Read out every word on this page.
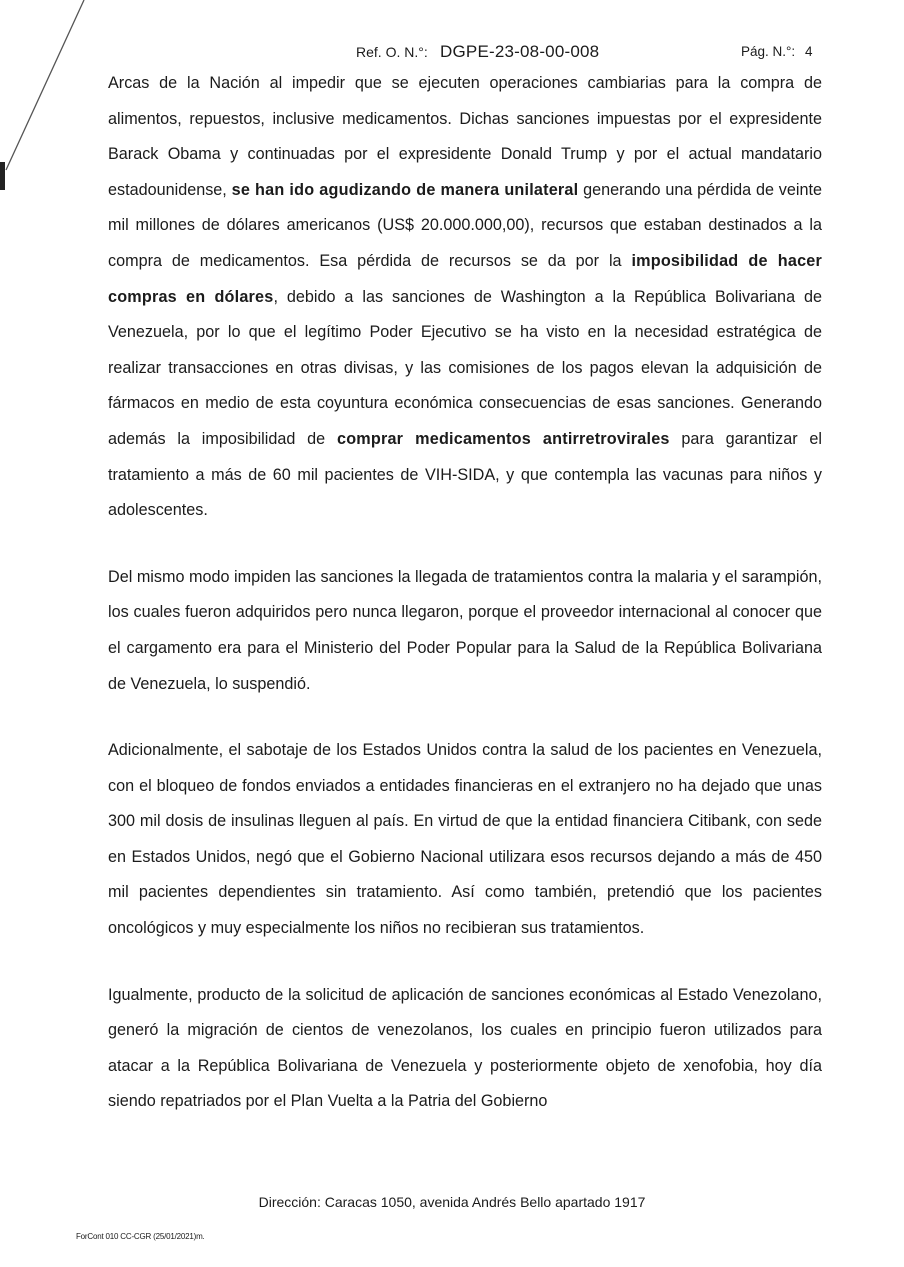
Ref. O. N.°: DGPE-23-08-00-008	Pág. N.°: 4

Arcas de la Nación al impedir que se ejecuten operaciones cambiarias para la compra de alimentos, repuestos, inclusive medicamentos. Dichas sanciones impuestas por el expresidente Barack Obama y continuadas por el expresidente Donald Trump y por el actual mandatario estadounidense, se han ido agudizando de manera unilateral generando una pérdida de veinte mil millones de dólares americanos (US$ 20.000.000,00), recursos que estaban destinados a la compra de medicamentos. Esa pérdida de recursos se da por la imposibilidad de hacer compras en dólares, debido a las sanciones de Washington a la República Bolivariana de Venezuela, por lo que el legítimo Poder Ejecutivo se ha visto en la necesidad estratégica de realizar transacciones en otras divisas, y las comisiones de los pagos elevan la adquisición de fármacos en medio de esta coyuntura económica consecuencias de esas sanciones. Generando además la imposibilidad de comprar medicamentos antirretrovirales para garantizar el tratamiento a más de 60 mil pacientes de VIH-SIDA, y que contempla las vacunas para niños y adolescentes.

Del mismo modo impiden las sanciones la llegada de tratamientos contra la malaria y el sarampión, los cuales fueron adquiridos pero nunca llegaron, porque el proveedor internacional al conocer que el cargamento era para el Ministerio del Poder Popular para la Salud de la República Bolivariana de Venezuela, lo suspendió.

Adicionalmente, el sabotaje de los Estados Unidos contra la salud de los pacientes en Venezuela, con el bloqueo de fondos enviados a entidades financieras en el extranjero no ha dejado que unas 300 mil dosis de insulinas lleguen al país. En virtud de que la entidad financiera Citibank, con sede en Estados Unidos, negó que el Gobierno Nacional utilizara esos recursos dejando a más de 450 mil pacientes dependientes sin tratamiento. Así como también, pretendió que los pacientes oncológicos y muy especialmente los niños no recibieran sus tratamientos.

Igualmente, producto de la solicitud de aplicación de sanciones económicas al Estado Venezolano, generó la migración de cientos de venezolanos, los cuales en principio fueron utilizados para atacar a la República Bolivariana de Venezuela y posteriormente objeto de xenofobia, hoy día siendo repatriados por el Plan Vuelta a la Patria del Gobierno

Dirección: Caracas 1050, avenida Andrés Bello apartado 1917
ForCont 010 CC-CGR (25/01/2021)m.
